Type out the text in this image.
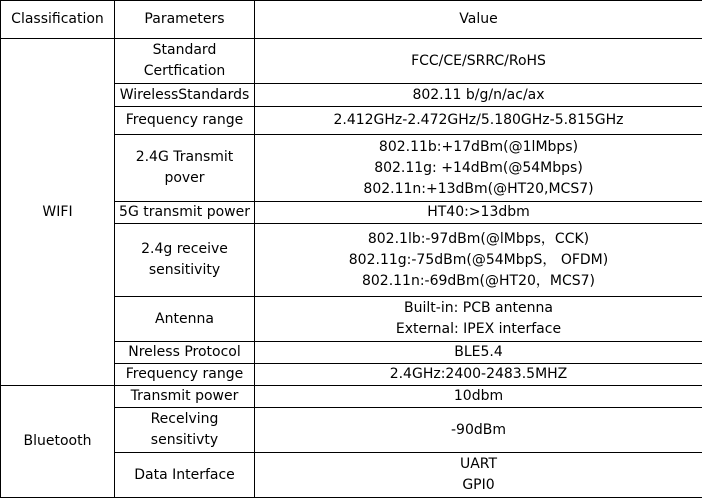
Classification	Parameters	Value
WIFI	Standard Certfication	FCC/CE/SRRC/RoHS

	WirelessStandards	802.11 b/g/n/ac/ax

	Frequency range	2.412GHz-2.472GHz/5.180GHz-5.815GHz

	2.4G Transmit pover	802.11b:+17dBm(@1lMbps)
802.11g: +14dBm(@54Mbps)
802.11n:+13dBm(@HT20,MCS7)

	5G transmit power	HT40:>13dbm

	2.4g receive sensitivity	802.1lb:-97dBm(@lMbps，CCK)
802.11g:-75dBm(@54MbpS， OFDM)
802.11n:-69dBm(@HT20，MCS7)

	Antenna	Built-in: PCB antenna
External: IPEX interface

	Nreless Protocol	BLE5.4

	Frequency range	2.4GHz:2400-2483.5MHZ

Bluetooth	Transmit power	10dbm

	Recelving sensitivty	-90dBm

	Data Interface	UART
GPI0
